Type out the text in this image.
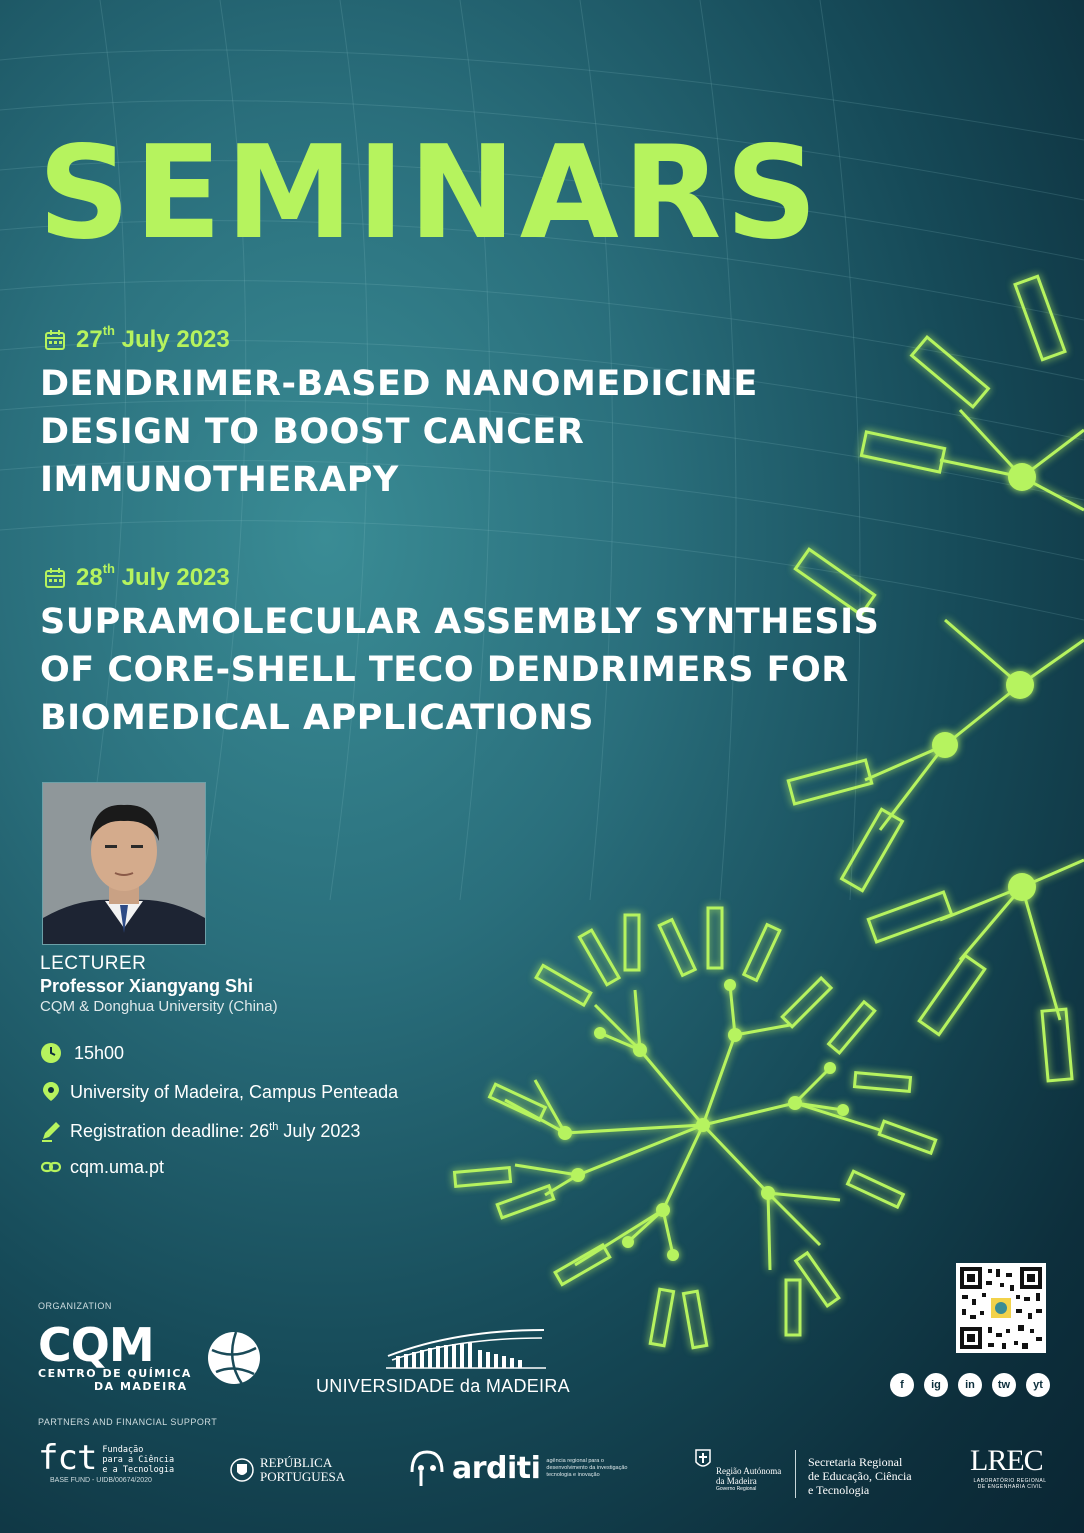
SEMINARS
27th July 2023
DENDRIMER-BASED NANOMEDICINE
DESIGN TO BOOST CANCER
IMMUNOTHERAPY
28th July 2023
SUPRAMOLECULAR ASSEMBLY SYNTHESIS
OF CORE-SHELL TECO DENDRIMERS FOR
BIOMEDICAL APPLICATIONS
LECTURER
Professor Xiangyang Shi
CQM & Donghua University (China)
15h00
University of Madeira, Campus Penteada
Registration deadline: 26th July 2023
cqm.uma.pt
ORGANIZATION
CQM
CENTRO DE QUÍMICA
DA MADEIRA	UNIVERSIDADE da MADEIRA	f	ig	in	tw	yt
PARTNERS AND FINANCIAL SUPPORT
fct Fundação
para a Ciência
e a Tecnologia
BASE FUND - UIDB/00674/2020
REPÚBLICA
PORTUGUESA	arditi agência regional para o
desenvolvimento da investigação
tecnologia e inovação	Região Autónoma
da Madeira
Governo Regional
Secretaria Regional
de Educação, Ciência
e Tecnologia
LREC
LABORATÓRIO REGIONAL
DE ENGENHARIA CIVIL
